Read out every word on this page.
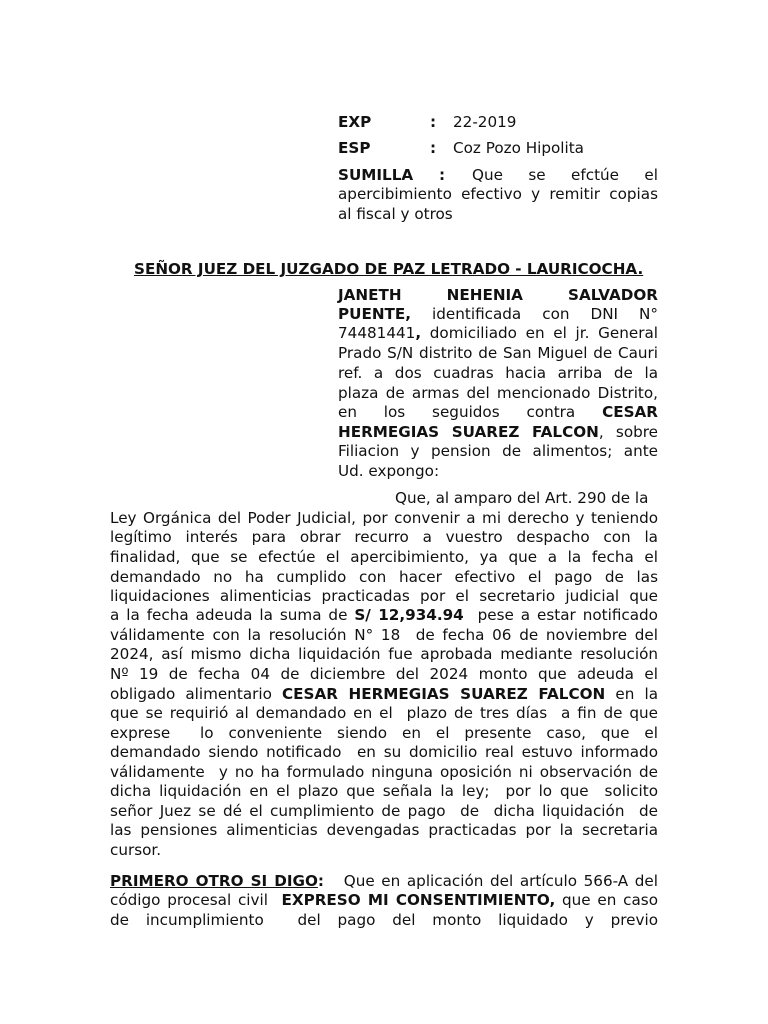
EXP	: 22-2019
ESP	: Coz Pozo Hipolita
SUMILLA : Que se efctúe el
apercibimiento efectivo y remitir copias
al fiscal y otros
SEÑOR JUEZ DEL JUZGADO DE PAZ LETRADO - LAURICOCHA.
JANETH NEHENIA SALVADOR
PUENTE, identificada con DNI N°
74481441, domiciliado en el jr. General
Prado S/N distrito de San Miguel de Cauri
ref. a dos cuadras hacia arriba de la
plaza de armas del mencionado Distrito,
en los seguidos contra CESAR
HERMEGIAS SUAREZ FALCON, sobre
Filiacion y pension de alimentos; ante
Ud. expongo:
Que, al amparo del Art. 290 de la
Ley Orgánica del Poder Judicial, por convenir a mi derecho y teniendo
legítimo interés para obrar recurro a vuestro despacho con la
finalidad, que se efectúe el apercibimiento, ya que a la fecha el
demandado no ha cumplido con hacer efectivo el pago de las
liquidaciones alimenticias practicadas por el secretario judicial que
a la fecha adeuda la suma de S/ 12,934.94  pese a estar notificado
válidamente con la resolución N° 18  de fecha 06 de noviembre del
2024, así mismo dicha liquidación fue aprobada mediante resolución
Nº 19 de fecha 04 de diciembre del 2024 monto que adeuda el
obligado alimentario CESAR HERMEGIAS SUAREZ FALCON en la
que se requirió al demandado en el  plazo de tres días  a fin de que
exprese  lo conveniente siendo en el presente caso, que el
demandado siendo notificado  en su domicilio real estuvo informado
válidamente  y no ha formulado ninguna oposición ni observación de
dicha liquidación en el plazo que señala la ley;  por lo que  solicito
señor Juez se dé el cumplimiento de pago  de  dicha liquidación  de
las pensiones alimenticias devengadas practicadas por la secretaria
cursor.
PRIMERO OTRO SI DIGO:   Que en aplicación del artículo 566-A del
código procesal civil  EXPRESO MI CONSENTIMIENTO, que en caso
de incumplimiento  del pago del monto liquidado y previo
